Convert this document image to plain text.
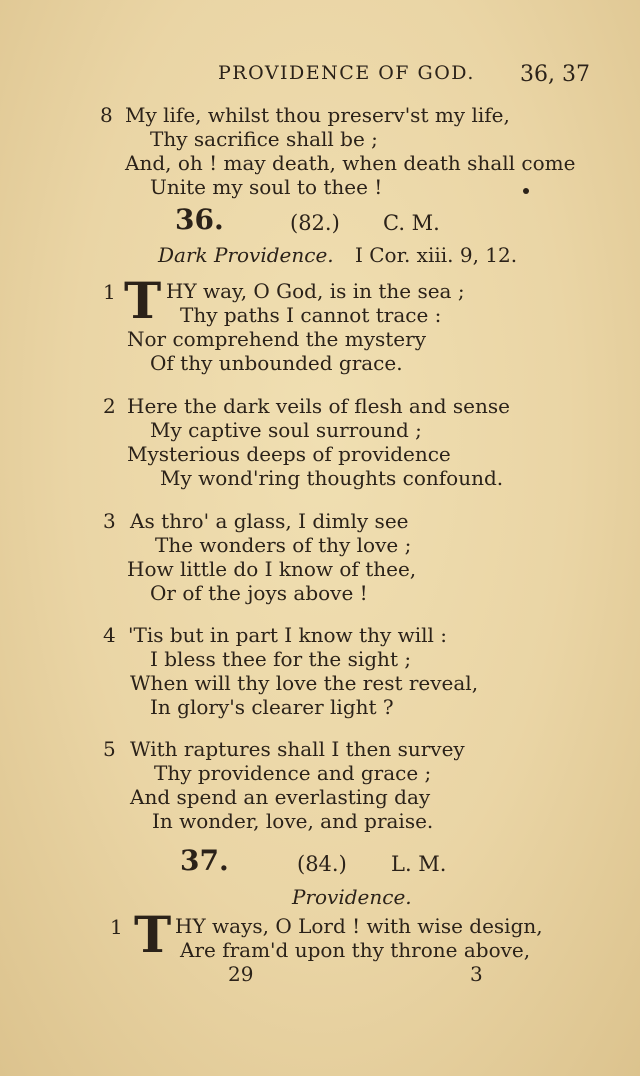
PROVIDENCE OF GOD. 36, 37
8 My life, whilst thou preserv'st my life,
Thy sacrifice shall be ;
And, oh ! may death, when death shall come
Unite my soul to thee !
36.	(82.) C. M.
Dark Providence. I Cor. xiii. 9, 12.
1 T HY way, O God, is in the sea ;
Thy paths I cannot trace :
Nor comprehend the mystery
Of thy unbounded grace.
2 Here the dark veils of flesh and sense
My captive soul surround ;
Mysterious deeps of providence
My wond'ring thoughts confound.
3 As thro' a glass, I dimly see
The wonders of thy love ;
How little do I know of thee,
Or of the joys above !
4 'Tis but in part I know thy will :
I bless thee for the sight ;
When will thy love the rest reveal,
In glory's clearer light ?
5 With raptures shall I then survey
Thy providence and grace ;
And spend an everlasting day
In wonder, love, and praise.
37.	(84.) L. M.
Providence.
1 T HY ways, O Lord ! with wise design,
Are fram'd upon thy throne above,
29	3
